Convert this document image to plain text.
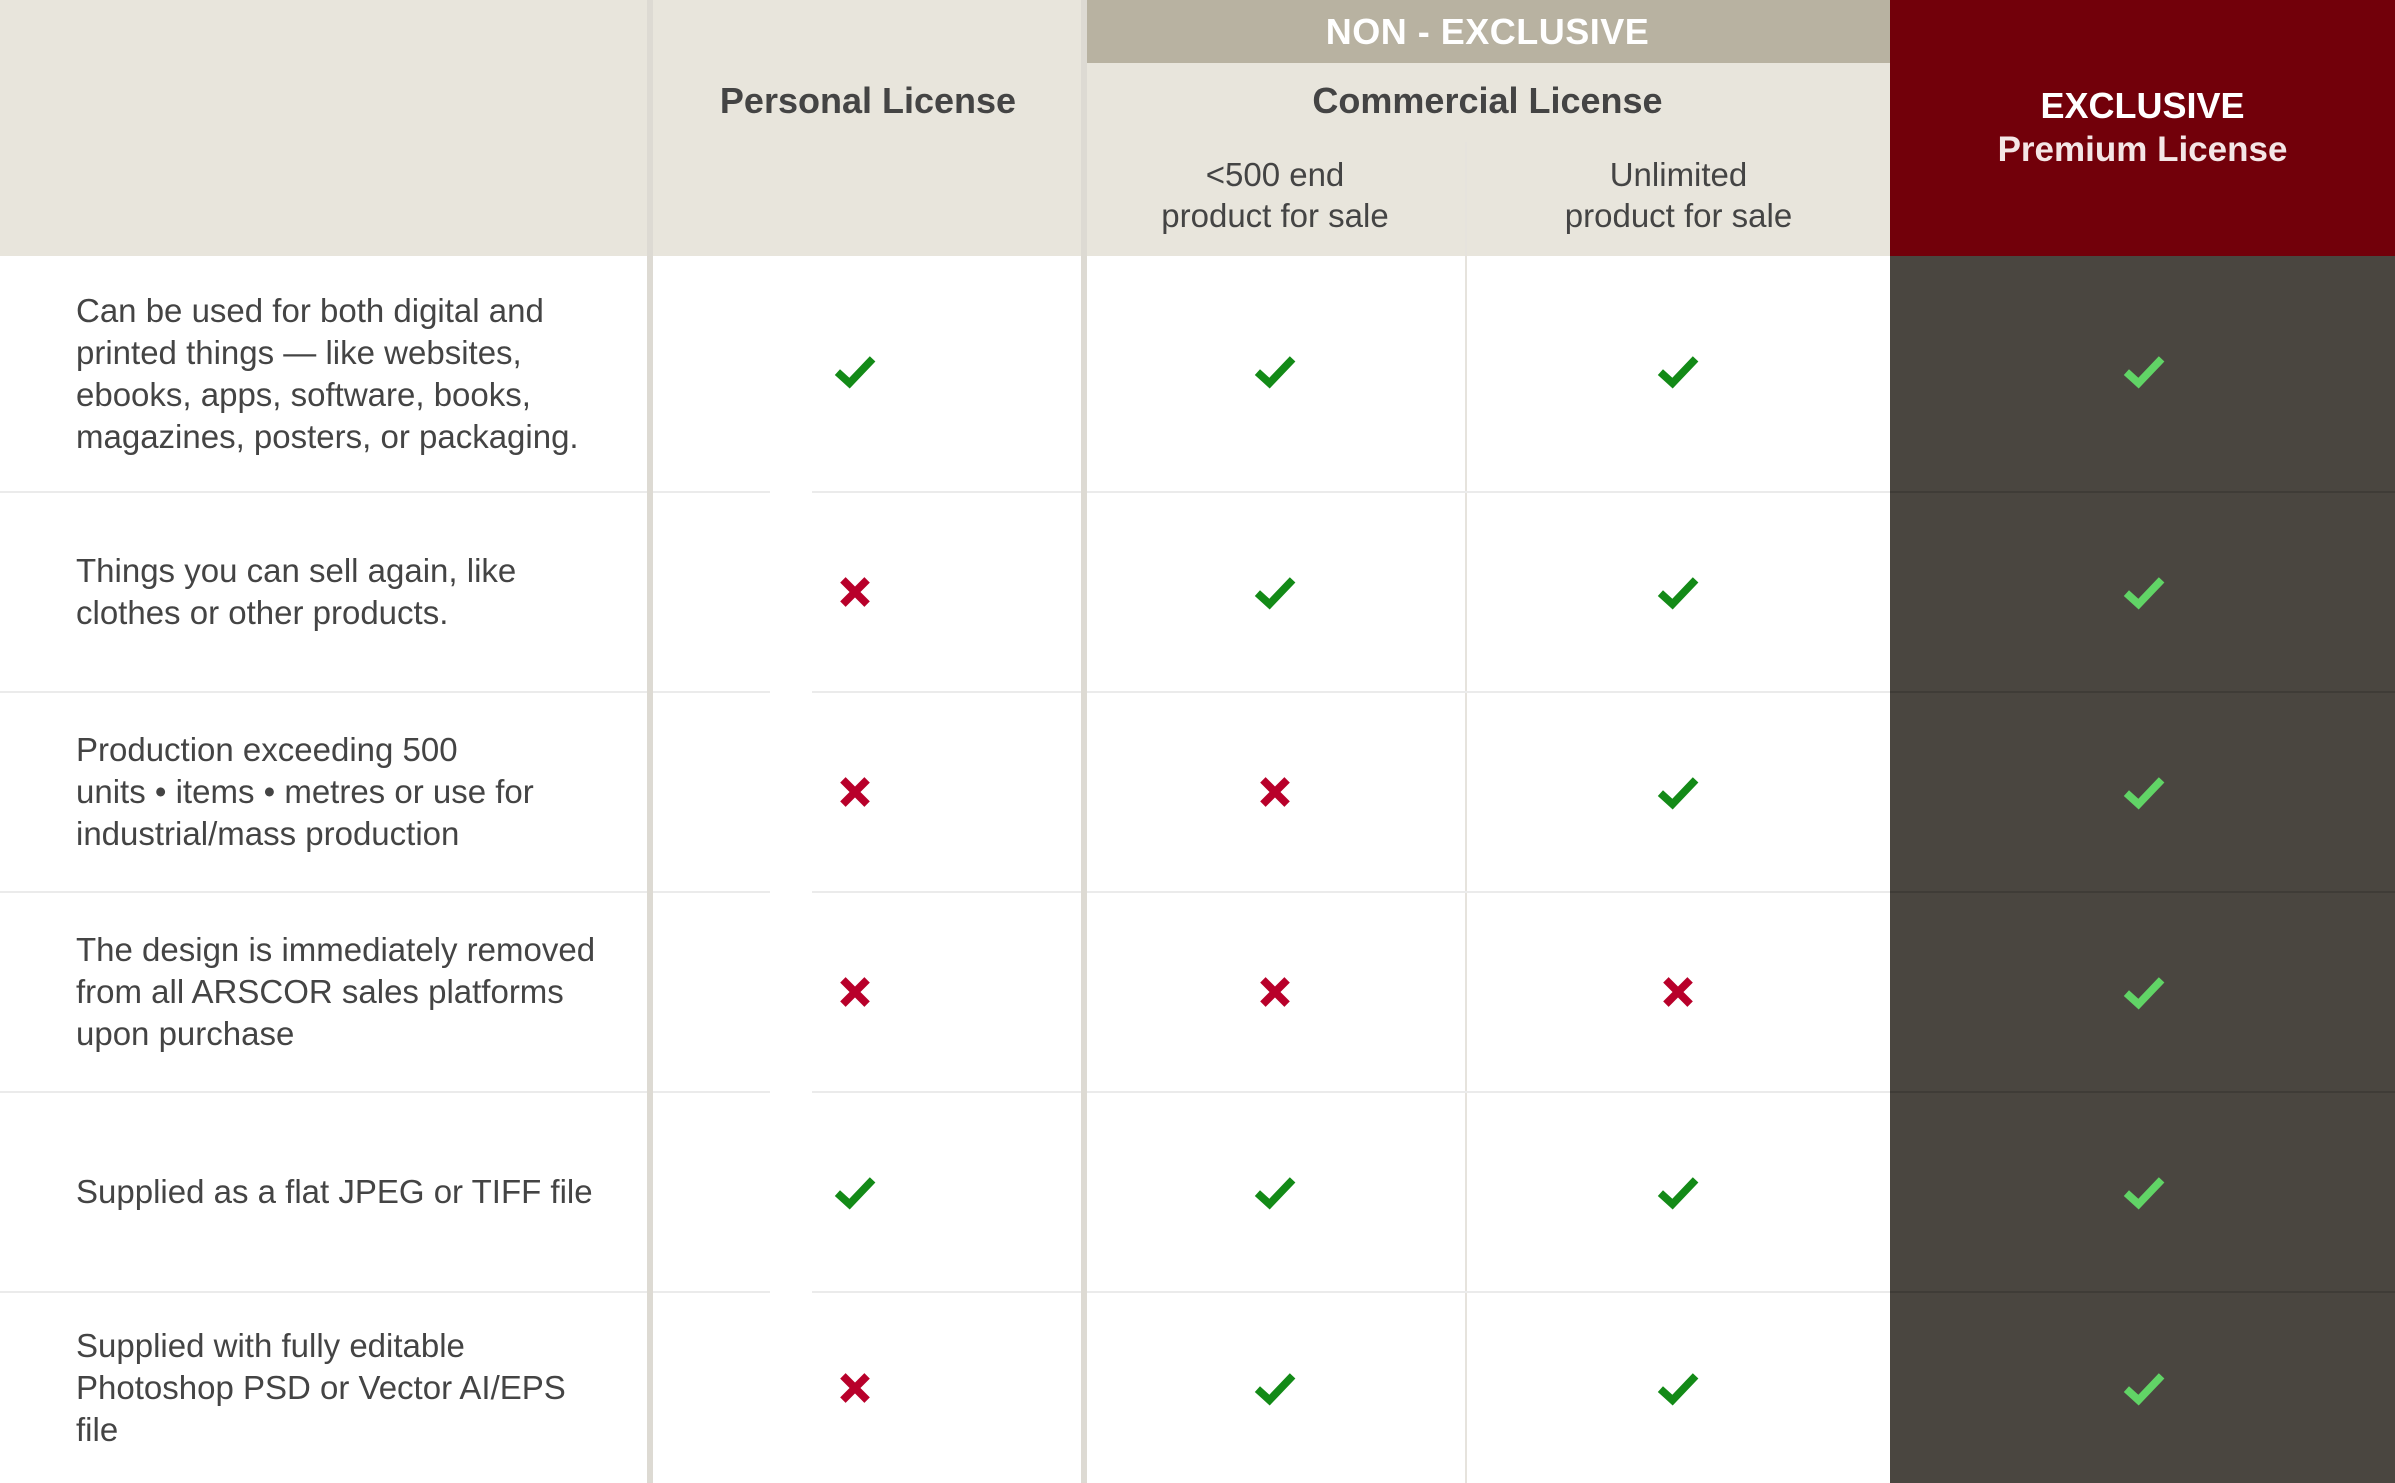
NON - EXCLUSIVE
Personal License	Commercial License
<500 end
product for sale
Unlimited
product for sale
EXCLUSIVE
Premium License
Can be used for both digital and
printed things — like websites,
ebooks, apps, software, books,
magazines, posters, or packaging.
Things you can sell again, like
clothes or other products.
Production exceeding 500
units • items • metres or use for
industrial/mass production
The design is immediately removed
from all ARSCOR sales platforms
upon purchase
Supplied as a flat JPEG or TIFF file
Supplied with fully editable
Photoshop PSD or Vector AI/EPS
file
